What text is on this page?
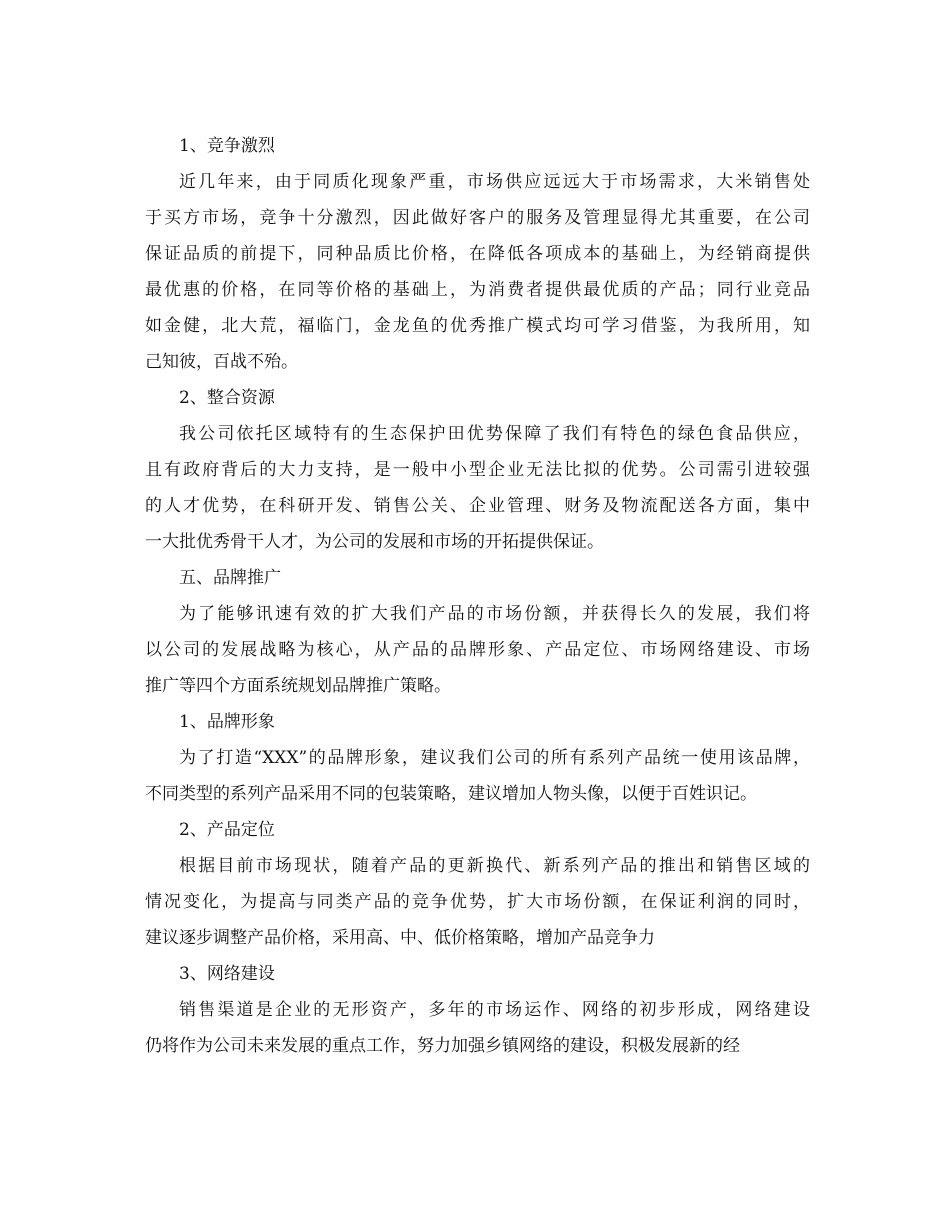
1、竞争激烈

近几年来，由于同质化现象严重，市场供应远远大于市场需求，大米销售处

于买方市场，竞争十分激烈，因此做好客户的服务及管理显得尤其重要，在公司

保证品质的前提下，同种品质比价格，在降低各项成本的基础上，为经销商提供

最优惠的价格，在同等价格的基础上，为消费者提供最优质的产品；同行业竞品

如金健，北大荒，福临门，金龙鱼的优秀推广模式均可学习借鉴，为我所用，知

己知彼，百战不殆。

2、整合资源

我公司依托区域特有的生态保护田优势保障了我们有特色的绿色食品供应，

且有政府背后的大力支持，是一般中小型企业无法比拟的优势。公司需引进较强

的人才优势，在科研开发、销售公关、企业管理、财务及物流配送各方面，集中

一大批优秀骨干人才，为公司的发展和市场的开拓提供保证。

五、品牌推广

为了能够讯速有效的扩大我们产品的市场份额，并获得长久的发展，我们将

以公司的发展战略为核心，从产品的品牌形象、产品定位、市场网络建设、市场

推广等四个方面系统规划品牌推广策略。

1、品牌形象

为了打造“XXX”的品牌形象，建议我们公司的所有系列产品统一使用该品牌，

不同类型的系列产品采用不同的包装策略，建议增加人物头像，以便于百姓识记。

2、产品定位

根据目前市场现状，随着产品的更新换代、新系列产品的推出和销售区域的

情况变化，为提高与同类产品的竞争优势，扩大市场份额，在保证利润的同时，

建议逐步调整产品价格，采用高、中、低价格策略，增加产品竞争力

3、网络建设

销售渠道是企业的无形资产，多年的市场运作、网络的初步形成，网络建设

仍将作为公司未来发展的重点工作，努力加强乡镇网络的建设，积极发展新的经
